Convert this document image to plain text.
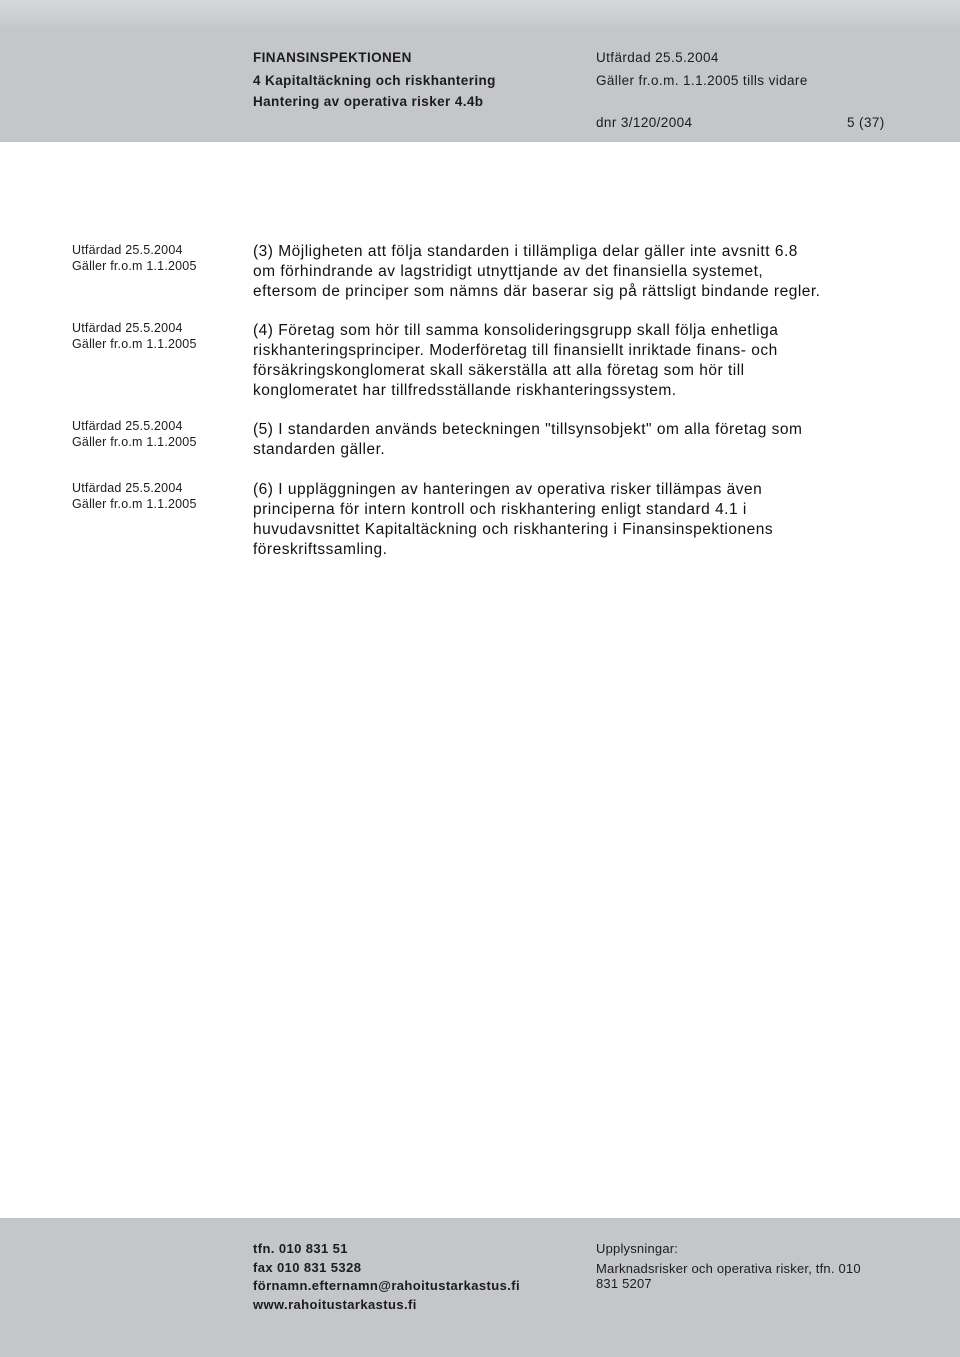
FINANSINSPEKTIONEN
4 Kapitaltäckning och riskhantering
Hantering av operativa risker 4.4b
Utfärdad 25.5.2004
Gäller fr.o.m. 1.1.2005 tills vidare
dnr 3/120/2004	5 (37)
Utfärdad 25.5.2004
Gäller fr.o.m 1.1.2005
Utfärdad 25.5.2004
Gäller fr.o.m 1.1.2005
Utfärdad 25.5.2004
Gäller fr.o.m 1.1.2005
Utfärdad 25.5.2004
Gäller fr.o.m 1.1.2005
(3) Möjligheten att följa standarden i tillämpliga delar gäller inte avsnitt 6.8
om förhindrande av lagstridigt utnyttjande av det finansiella systemet,
eftersom de principer som nämns där baserar sig på rättsligt bindande regler.
(4) Företag som hör till samma konsolideringsgrupp skall följa enhetliga
riskhanteringsprinciper. Moderföretag till finansiellt inriktade finans- och
försäkringskonglomerat skall säkerställa att alla företag som hör till
konglomeratet har tillfredsställande riskhanteringssystem.
(5) I standarden används beteckningen "tillsynsobjekt" om alla företag som
standarden gäller.
(6) I uppläggningen av hanteringen av operativa risker tillämpas även
principerna för intern kontroll och riskhantering enligt standard 4.1 i
huvudavsnittet Kapitaltäckning och riskhantering i Finansinspektionens
föreskriftssamling.
tfn. 010 831 51
fax 010 831 5328
förnamn.efternamn@rahoitustarkastus.fi
www.rahoitustarkastus.fi
Upplysningar:
Marknadsrisker och operativa risker, tfn. 010
831 5207
